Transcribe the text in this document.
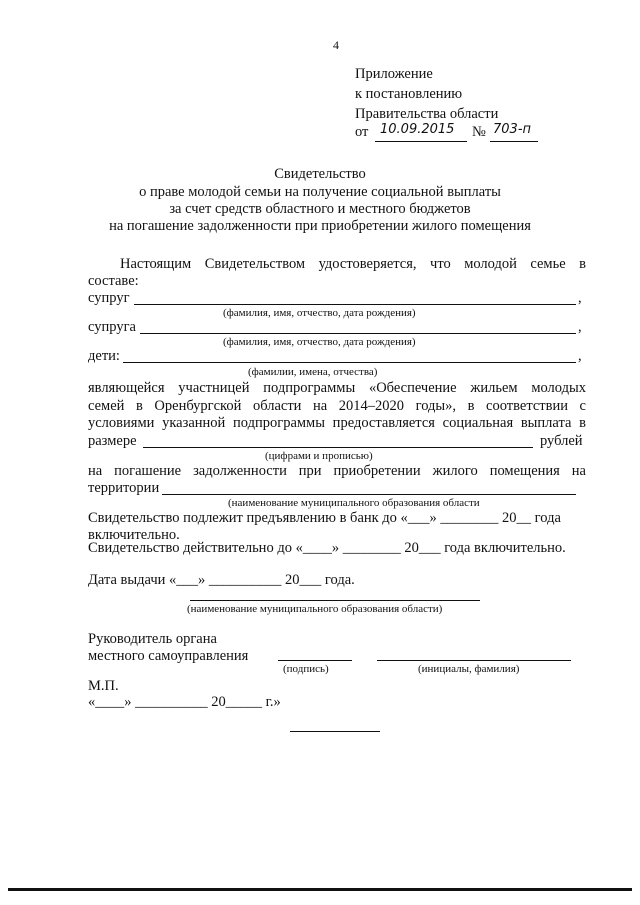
4
Приложение
к постановлению
Правительства области
от 10.09.2015 № 703-п
Свидетельство
о праве молодой семьи на получение социальной выплаты
за счет средств областного и местного бюджетов
на погашение задолженности при приобретении жилого помещения
Настоящим Свидетельством удостоверяется, что молодой семье в
составе:
супруг	,
(фамилия, имя, отчество, дата рождения)
супруга	,
(фамилия, имя, отчество, дата рождения)
дети:	,
(фамилии, имена, отчества)
являющейся участницей подпрограммы «Обеспечение жильем молодых
семей в Оренбургской области на 2014–2020 годы», в соответствии с
условиями указанной подпрограммы предоставляется социальная выплата в
размере	рублей
(цифрами и прописью)
на погашение задолженности при приобретении жилого помещения на
территории
(наименование муниципального образования области
Свидетельство подлежит предъявлению в банк до «___» ________ 20__ года
включительно.
Свидетельство действительно до «____» ________ 20___ года включительно.
Дата выдачи «___» __________ 20___ года.
(наименование муниципального образования области)
Руководитель органа
местного самоуправления
(подпись)	(инициалы, фамилия)
М.П.
«____» __________ 20_____ г.»
